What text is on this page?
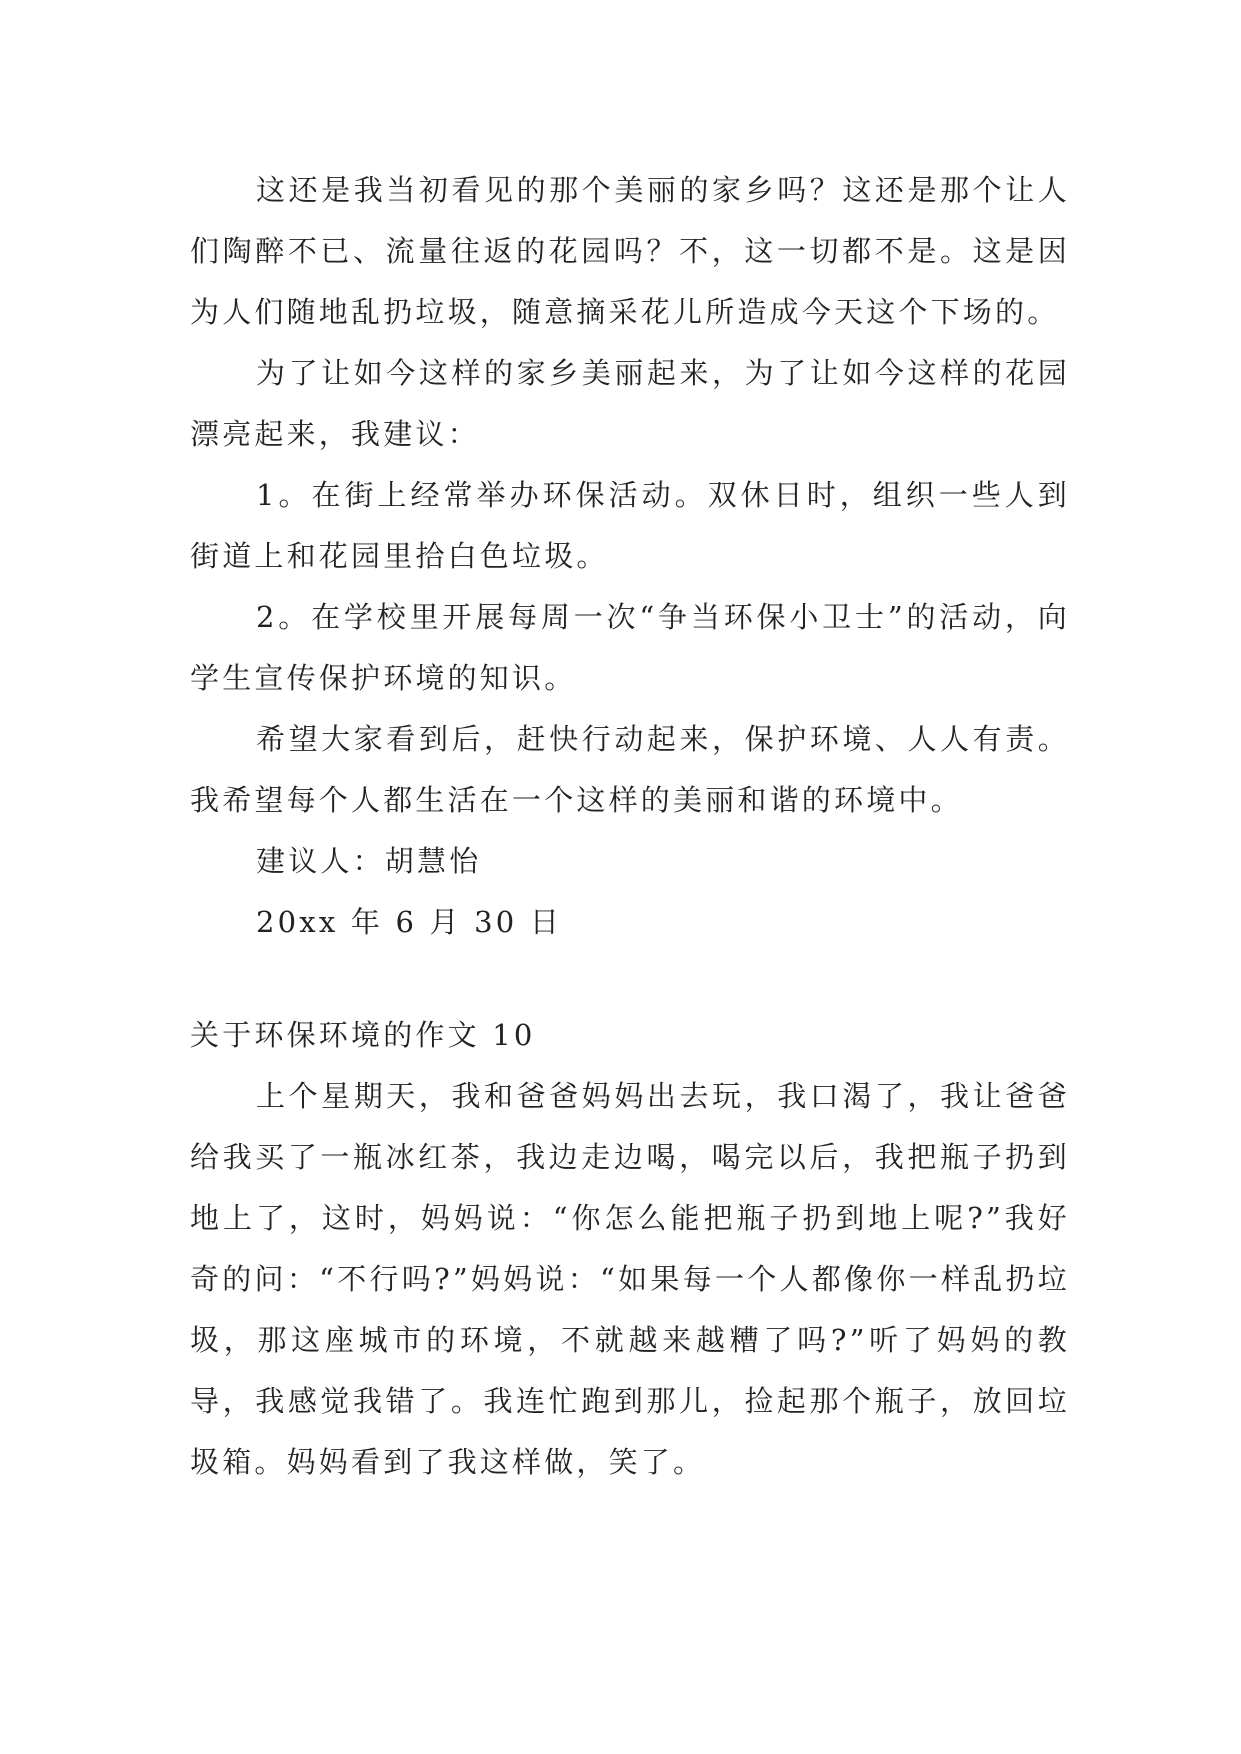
这还是我当初看见的那个美丽的家乡吗？这还是那个让人们陶醉不已、流量往返的花园吗？不，这一切都不是。这是因为人们随地乱扔垃圾，随意摘采花儿所造成今天这个下场的。

为了让如今这样的家乡美丽起来，为了让如今这样的花园漂亮起来，我建议：

1。在街上经常举办环保活动。双休日时，组织一些人到街道上和花园里拾白色垃圾。

2。在学校里开展每周一次“争当环保小卫士”的活动，向学生宣传保护环境的知识。

希望大家看到后，赶快行动起来，保护环境、人人有责。我希望每个人都生活在一个这样的美丽和谐的环境中。

建议人：胡慧怡

20xx 年 6 月 30 日

关于环保环境的作文 10

上个星期天，我和爸爸妈妈出去玩，我口渴了，我让爸爸给我买了一瓶冰红茶，我边走边喝，喝完以后，我把瓶子扔到地上了，这时，妈妈说：“你怎么能把瓶子扔到地上呢?”我好奇的问：“不行吗?”妈妈说：“如果每一个人都像你一样乱扔垃圾，那这座城市的环境，不就越来越糟了吗?”听了妈妈的教导，我感觉我错了。我连忙跑到那儿，捡起那个瓶子，放回垃圾箱。妈妈看到了我这样做，笑了。
